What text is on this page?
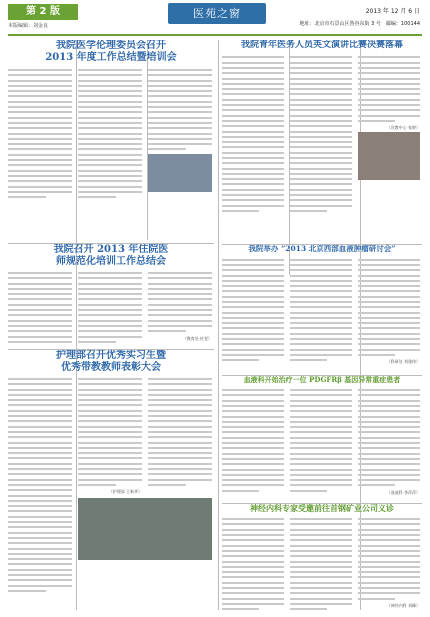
第 2 版
本版编辑：刘金良
医苑之窗	2013 年 12 月 6 日
地址：北京市石景山区鲁谷东街 3 号　邮编：100144
我院医学伦理委员会召开
2013 年度工作总结暨培训会
我院召开 2013 年住院医
师规范化培训工作总结会
（教育处 杜雯）
护理部召开优秀实习生暨
优秀带教教师表彰大会
（护理部 王新华）
我院青年医务人员英文演讲比赛决赛落幕
（宣教中心 张婷）
我院举办 “2013 北京西部血液肿瘤研讨会”
（科研处 刘建伟）
血液科开始治疗一位 PDGFRβ 基因异常重症患者
（血液科 李萍萍）
神经内科专家受邀前往首钢矿业公司义诊
（神经内科 刘峰）
